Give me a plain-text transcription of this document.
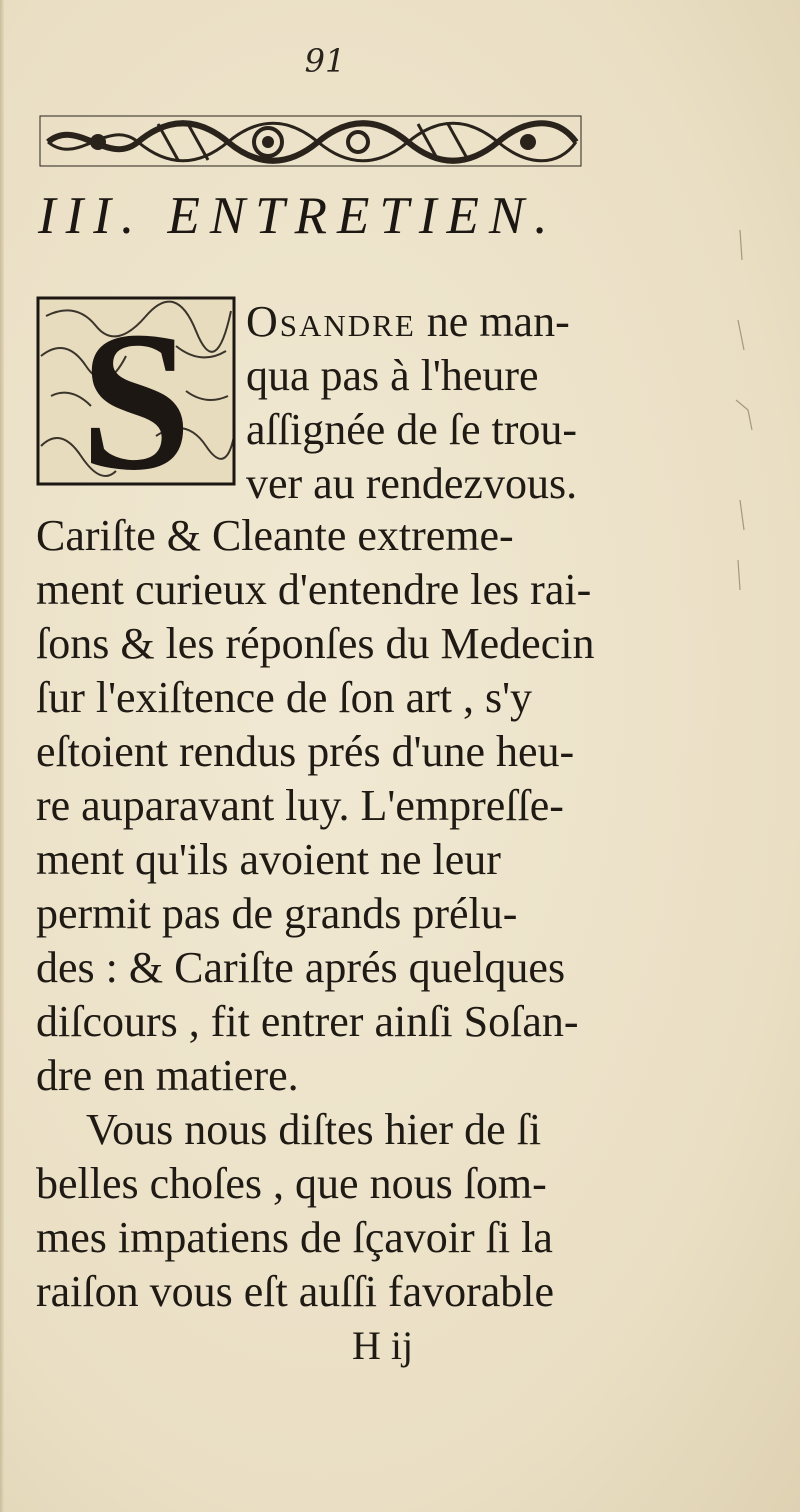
91
III. ENTRETIEN.
S Osandre ne man-
qua pas à l'heure
aſſignée de ſe trou-
ver au rendezvous.
Cariſte & Cleante extreme-
ment curieux d'entendre les rai-
ſons & les réponſes du Medecin
ſur l'exiſtence de ſon art , s'y
eſtoient rendus prés d'une heu-
re auparavant luy. L'empreſſe-
ment qu'ils avoient ne leur
permit pas de grands prélu-
des : & Cariſte aprés quelques
diſcours , fit entrer ainſi Soſan-
dre en matiere.
Vous nous diſtes hier de ſi
belles choſes , que nous ſom-
mes impatiens de ſçavoir ſi la
raiſon vous eſt auſſi favorable
H ij
